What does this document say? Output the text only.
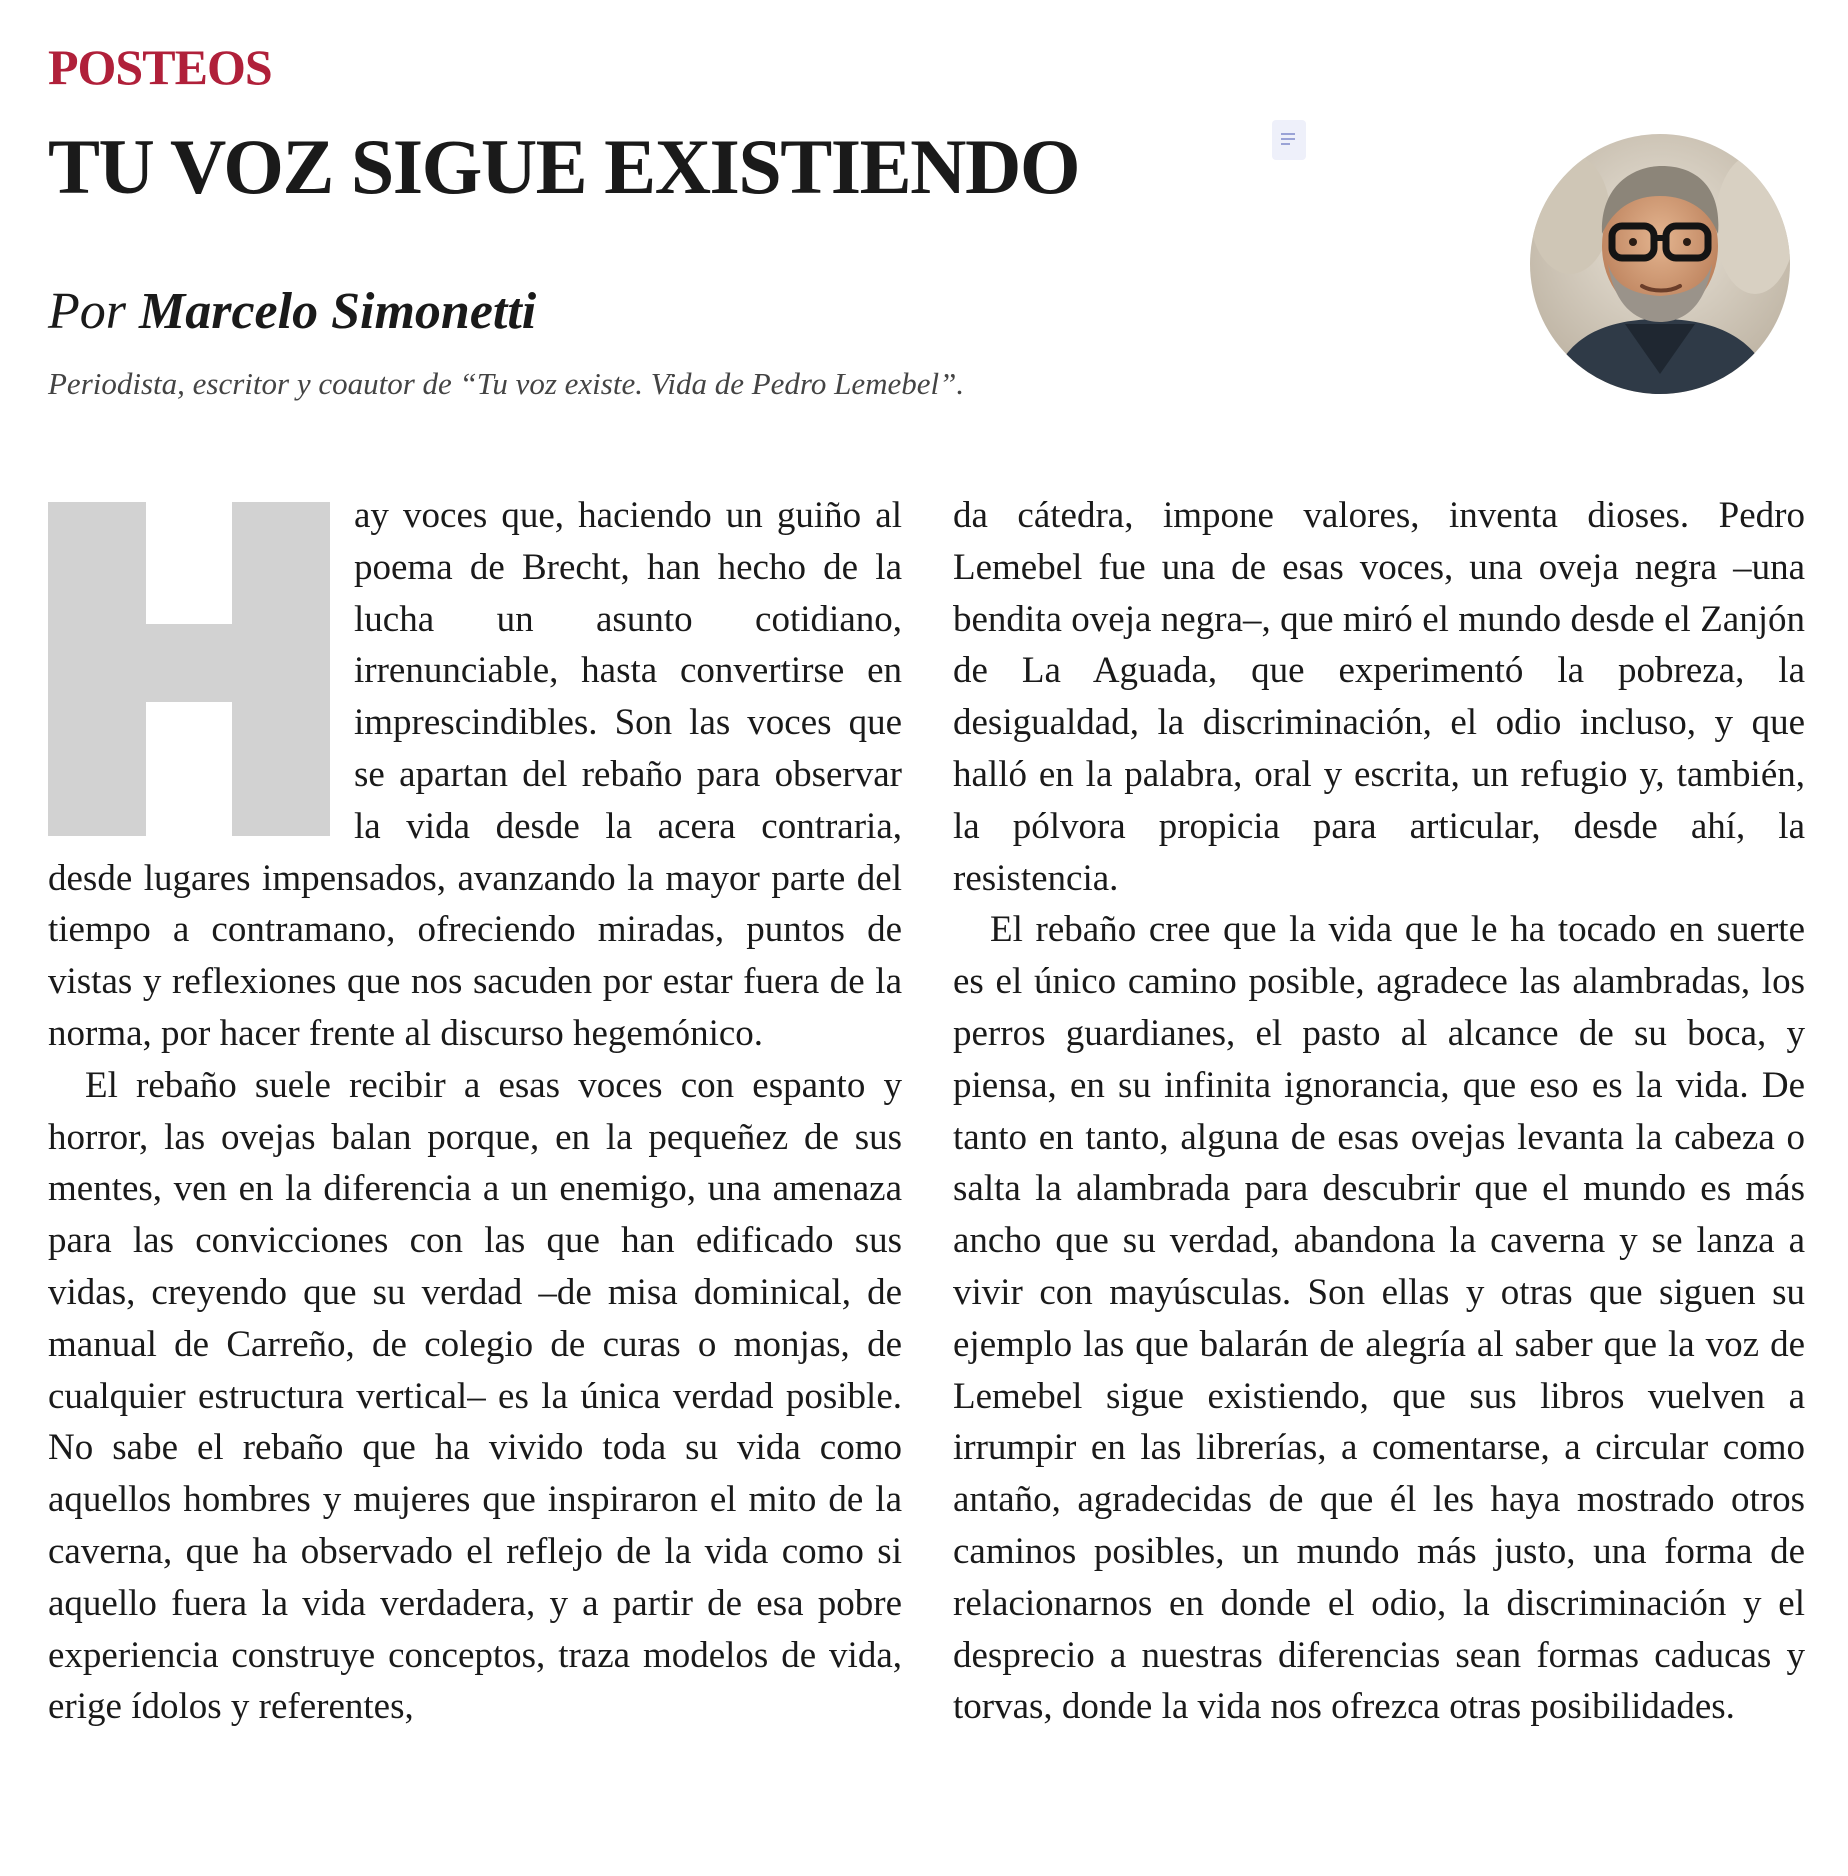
POSTEOS
TU VOZ SIGUE EXISTIENDO
Por Marcelo Simonetti
Periodista, escritor y coautor de “Tu voz existe. Vida de Pedro Lemebel”.

ay voces que, haciendo un guiño al poema de Brecht, han hecho de la lucha un asunto cotidiano, irrenunciable, hasta convertirse en imprescindibles. Son las voces que se apartan del rebaño para observar la vida desde la acera contraria, desde lugares impensados, avanzando la mayor parte del tiempo a contramano, ofreciendo miradas, puntos de vistas y reflexiones que nos sacuden por estar fuera de la norma, por hacer frente al discurso hegemónico.

El rebaño suele recibir a esas voces con espanto y horror, las ovejas balan porque, en la pequeñez de sus mentes, ven en la diferencia a un enemigo, una amenaza para las convicciones con las que han edificado sus vidas, creyendo que su verdad –de misa dominical, de manual de Carreño, de colegio de curas o monjas, de cualquier estructura vertical– es la única verdad posible. No sabe el rebaño que ha vivido toda su vida como aquellos hombres y mujeres que inspiraron el mito de la caverna, que ha observado el reflejo de la vida como si aquello fuera la vida verdadera, y a partir de esa pobre experiencia construye conceptos, traza modelos de vida, erige ídolos y referentes,

da cátedra, impone valores, inventa dioses. Pedro Lemebel fue una de esas voces, una oveja negra –una bendita oveja negra–, que miró el mundo desde el Zanjón de La Aguada, que experimentó la pobreza, la desigualdad, la discriminación, el odio incluso, y que halló en la palabra, oral y escrita, un refugio y, también, la pólvora propicia para articular, desde ahí, la resistencia.

El rebaño cree que la vida que le ha tocado en suerte es el único camino posible, agradece las alambradas, los perros guardianes, el pasto al alcance de su boca, y piensa, en su infinita ignorancia, que eso es la vida. De tanto en tanto, alguna de esas ovejas levanta la cabeza o salta la alambrada para descubrir que el mundo es más ancho que su verdad, abandona la caverna y se lanza a vivir con mayúsculas. Son ellas y otras que siguen su ejemplo las que balarán de alegría al saber que la voz de Lemebel sigue existiendo, que sus libros vuelven a irrumpir en las librerías, a comentarse, a circular como antaño, agradecidas de que él les haya mostrado otros caminos posibles, un mundo más justo, una forma de relacionarnos en donde el odio, la discriminación y el desprecio a nuestras diferencias sean formas caducas y torvas, donde la vida nos ofrezca otras posibilidades.
